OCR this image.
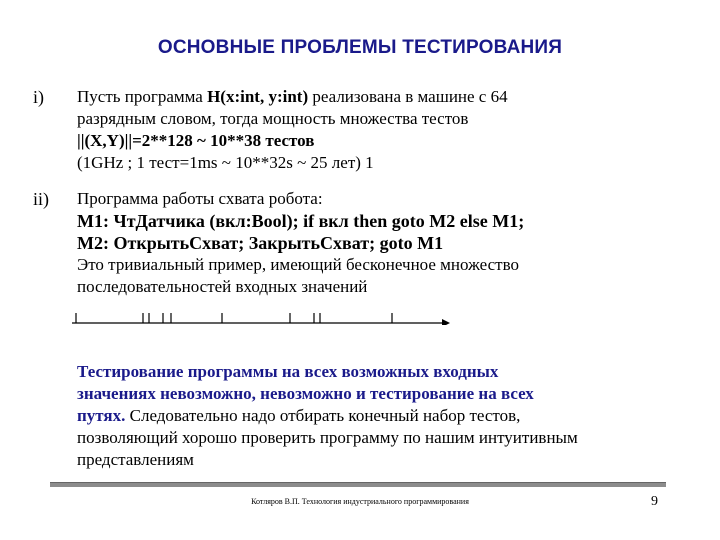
ОСНОВНЫЕ ПРОБЛЕМЫ ТЕСТИРОВАНИЯ
i) Пусть программа H(x:int, y:int) реализована в машине с 64
разрядным словом, тогда мощность множества тестов
||(X,Y)||=2**128 ~ 10**38 тестов
(1GHz ; 1 тест=1ms ~ 10**32s ~ 25 лет) 1
ii) Программа работы схвата робота:
M1: ЧтДатчика (вкл:Bool); if вкл then goto M2 else M1;
M2: ОткрытьСхват; ЗакрытьСхват; goto M1
Это тривиальный пример, имеющий бесконечное множество
последовательностей входных значений
Тестирование программы на всех возможных входных
значениях невозможно, невозможно и тестирование на всех
путях. Следовательно надо отбирать конечный набор тестов,
позволяющий хорошо проверить программу по нашим интуитивным
представлениям
Котляров В.П. Технология индустриального программирования	9
